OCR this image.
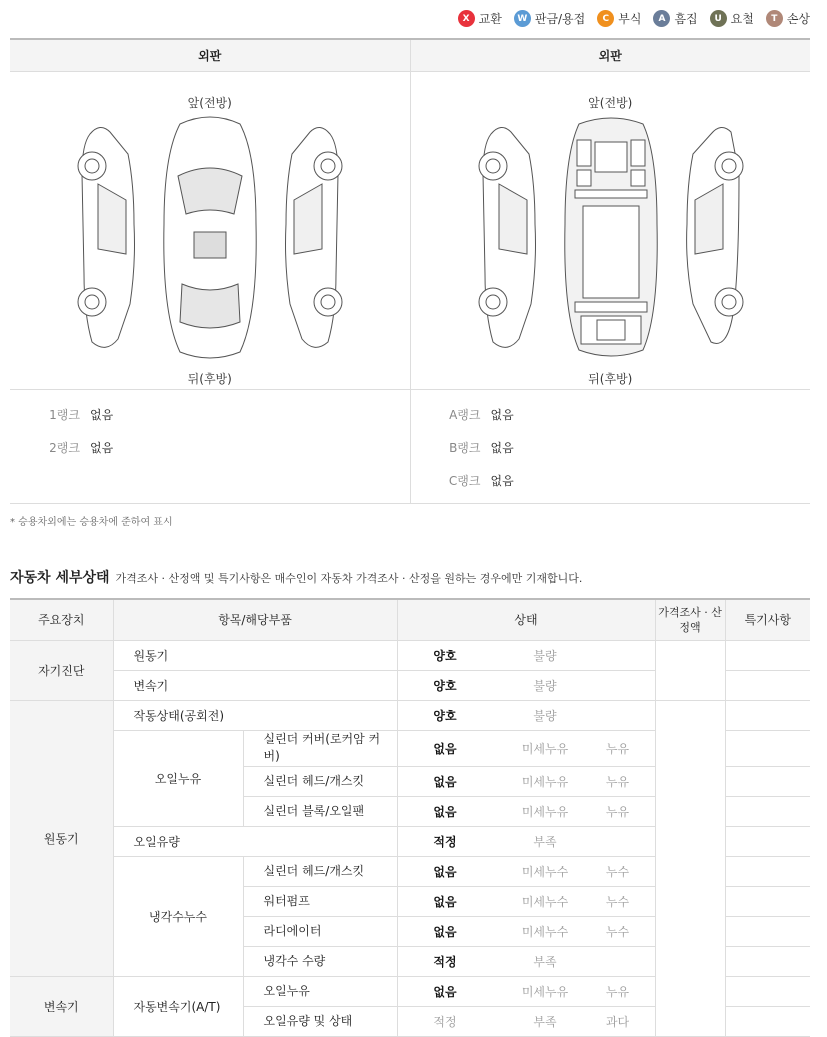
X 교환	W 판금/용접	C 부식	A 흠집	U 요철	T 손상
외판	외판
앞(전방)
뒤(후방)
앞(전방)
뒤(후방)
1랭크 없음
2랭크 없음
A랭크 없음
B랭크 없음
C랭크 없음
* 승용차외에는 승용차에 준하여 표시
자동차 세부상태 가격조사 · 산정액 및 특기사항은 매수인이 자동차 가격조사 · 산정을 원하는 경우에만 기재합니다.
주요장치	항목/해당부품		상태	가격조사 · 산정액	특기사항
자기진단	원동기		양호 불량		

	변속기		양호 불량		

원동기	작동상태(공회전)		양호 불량		

	오일누유	실린더 커버(로커암 커버)	없음 미세누유 누유		

		실린더 헤드/개스킷	없음 미세누유 누유		

		실린더 블록/오일팬	없음 미세누유 누유		

	오일유량		적정 부족		

	냉각수누수	실린더 헤드/개스킷	없음 미세누수 누수		

		워터펌프	없음 미세누수 누수		

		라디에이터	없음 미세누수 누수		

		냉각수 수량	적정 부족		

변속기	자동변속기(A/T)	오일누유	없음 미세누유 누유		

		오일유량 및 상태	적정 부족 과다		
